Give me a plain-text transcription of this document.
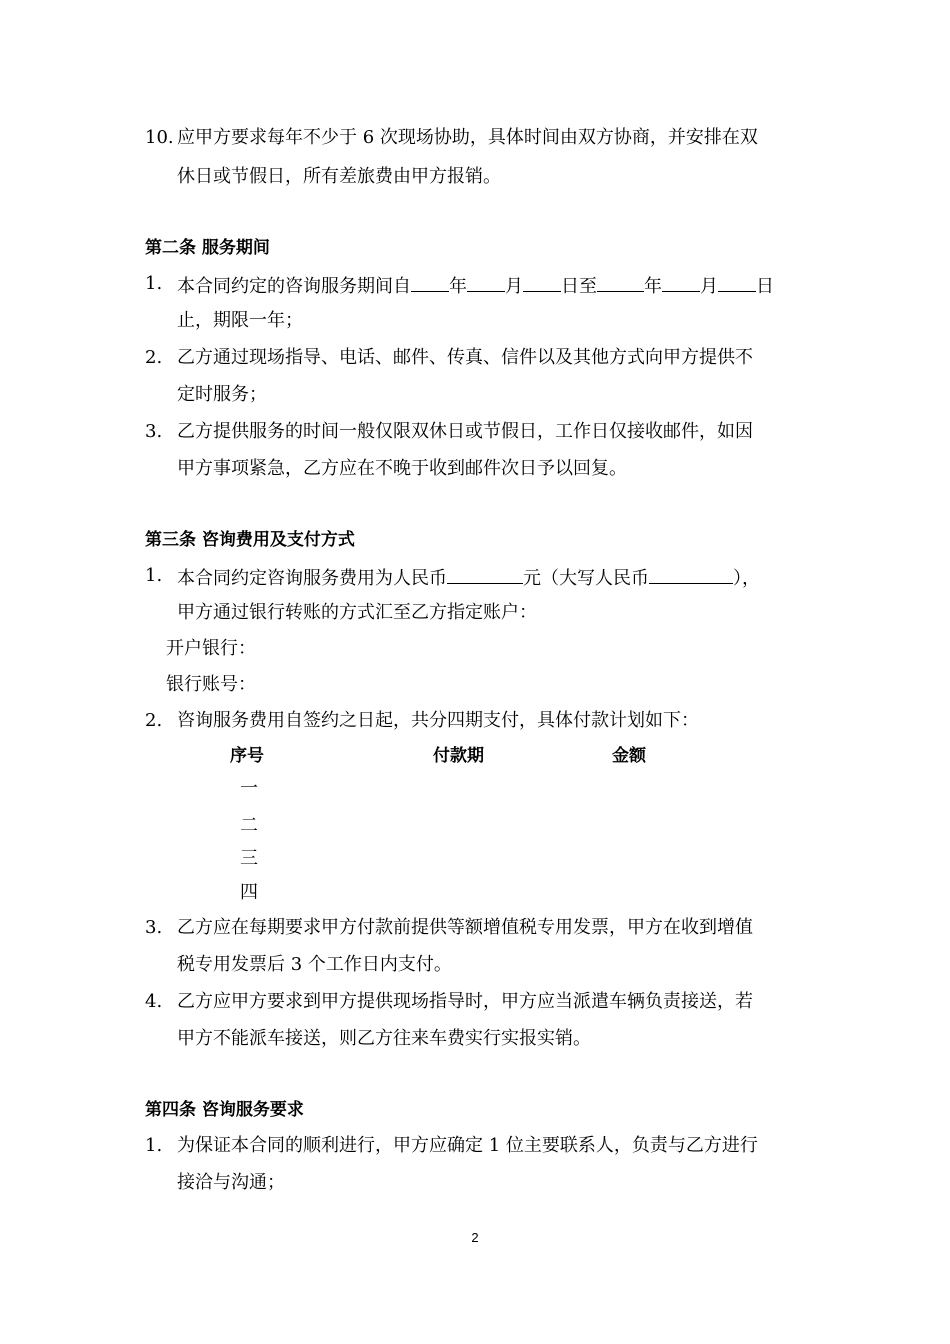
10. 应甲方要求每年不少于 6 次现场协助，具体时间由双方协商，并安排在双
休日或节假日，所有差旅费由甲方报销。
第二条 服务期间
1. 本合同约定的咨询服务期间自 年 月 日至	年 月 日
止，期限一年；
2. 乙方通过现场指导、电话、邮件、传真、信件以及其他方式向甲方提供不
定时服务；
3. 乙方提供服务的时间一般仅限双休日或节假日，工作日仅接收邮件，如因
甲方事项紧急，乙方应在不晚于收到邮件次日予以回复。
第三条 咨询费用及支付方式
1. 本合同约定咨询服务费用为人民币	元（大写人民币	），
甲方通过银行转账的方式汇至乙方指定账户：
开户银行：
银行账号：
2. 咨询服务费用自签约之日起，共分四期支付，具体付款计划如下：
序号	付款期	金额
一
二
三
四
3. 乙方应在每期要求甲方付款前提供等额增值税专用发票，甲方在收到增值
税专用发票后 3 个工作日内支付。
4. 乙方应甲方要求到甲方提供现场指导时，甲方应当派遣车辆负责接送，若
甲方不能派车接送，则乙方往来车费实行实报实销。
第四条 咨询服务要求
1. 为保证本合同的顺利进行，甲方应确定 1 位主要联系人，负责与乙方进行
接洽与沟通；
2
